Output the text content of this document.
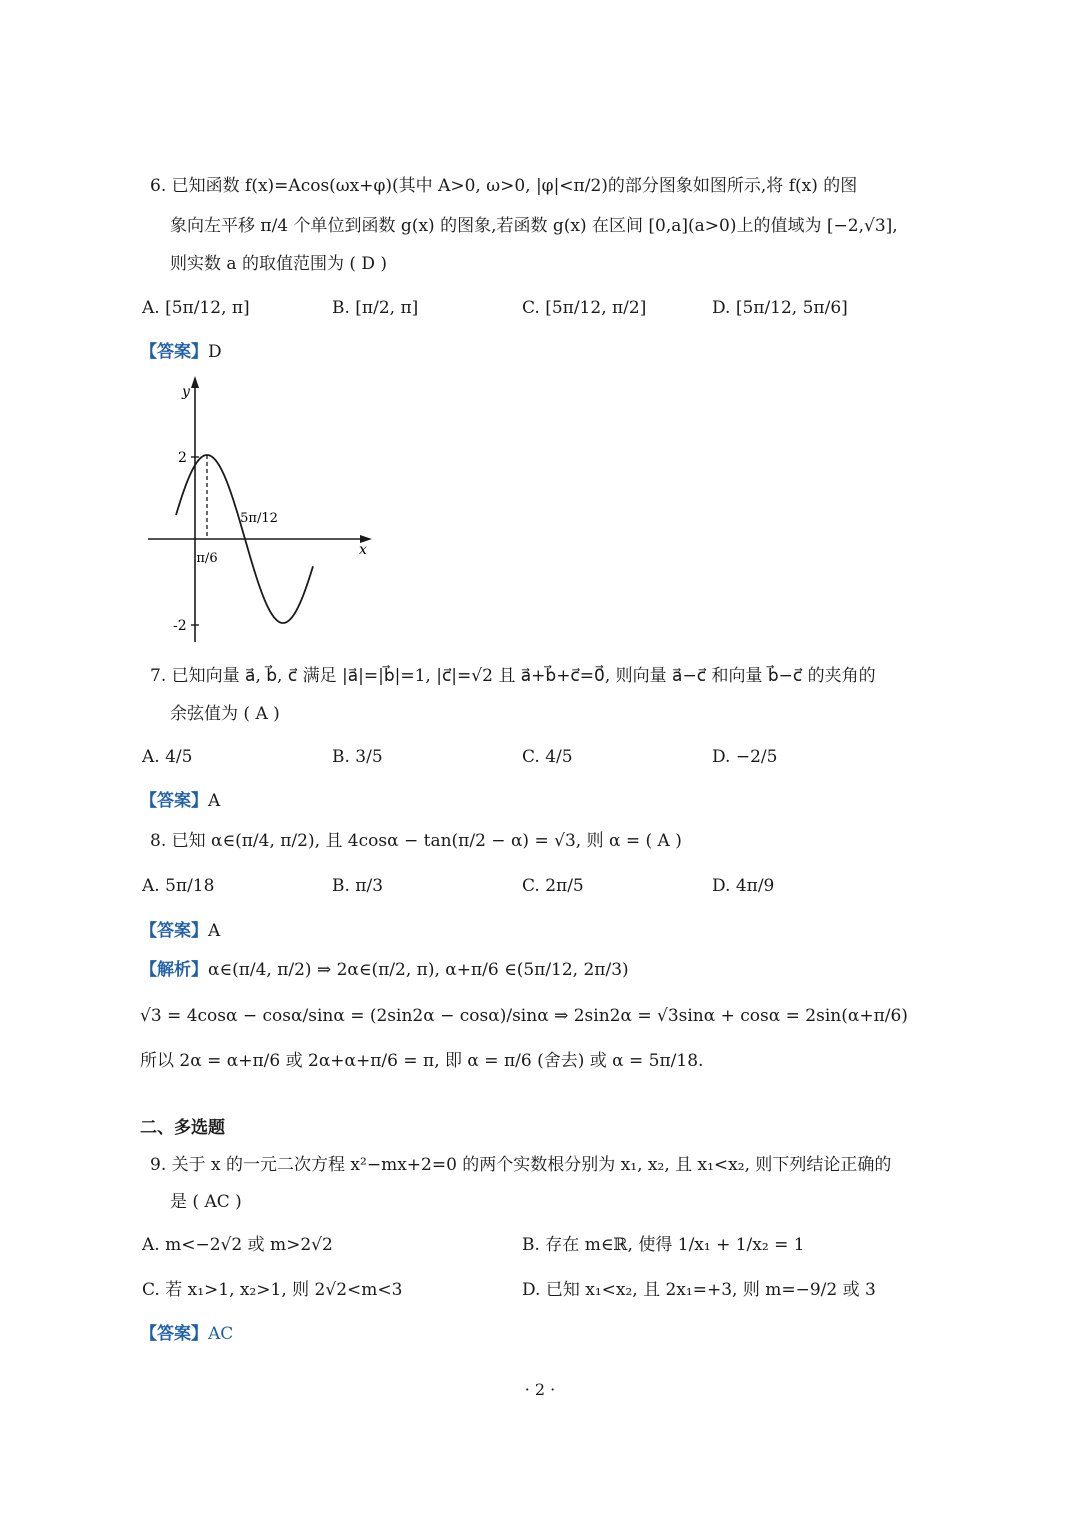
6. 已知函数 f(x)=Acos(ωx+φ)(其中 A>0, ω>0, |φ|<π/2)的部分图象如图所示,将 f(x) 的图
象向左平移 π/4 个单位到函数 g(x) 的图象,若函数 g(x) 在区间 [0,a](a>0)上的值域为 [−2,√3],
则实数 a 的取值范围为 ( D )
A. [5π/12, π]	B. [π/2, π]	C. [5π/12, π/2]	D. [5π/12, 5π/6]
【答案】D
y
x
2
-2
π/6
5π/12
7. 已知向量 a⃗, b⃗, c⃗ 满足 |a⃗|=|b⃗|=1, |c⃗|=√2 且 a⃗+b⃗+c⃗=0⃗, 则向量 a⃗−c⃗ 和向量 b⃗−c⃗ 的夹角的
余弦值为 ( A )
A. 4/5	B. 3/5	C. 4/5	D. −2/5
【答案】A
8. 已知 α∈(π/4, π/2), 且 4cosα − tan(π/2 − α) = √3, 则 α = ( A )
A. 5π/18	B. π/3	C. 2π/5	D. 4π/9
【答案】A
【解析】α∈(π/4, π/2) ⇒ 2α∈(π/2, π), α+π/6 ∈(5π/12, 2π/3)
√3 = 4cosα − cosα/sinα = (2sin2α − cosα)/sinα ⇒ 2sin2α = √3sinα + cosα = 2sin(α+π/6)
所以 2α = α+π/6 或 2α+α+π/6 = π, 即 α = π/6 (舍去) 或 α = 5π/18.
二、多选题
9. 关于 x 的一元二次方程 x²−mx+2=0 的两个实数根分别为 x₁, x₂, 且 x₁<x₂, 则下列结论正确的
是 ( AC )
A. m<−2√2 或 m>2√2	B. 存在 m∈ℝ, 使得 1/x₁ + 1/x₂ = 1
C. 若 x₁>1, x₂>1, 则 2√2<m<3	D. 已知 x₁<x₂, 且 2x₁=+3, 则 m=−9/2 或 3
【答案】AC
· 2 ·
